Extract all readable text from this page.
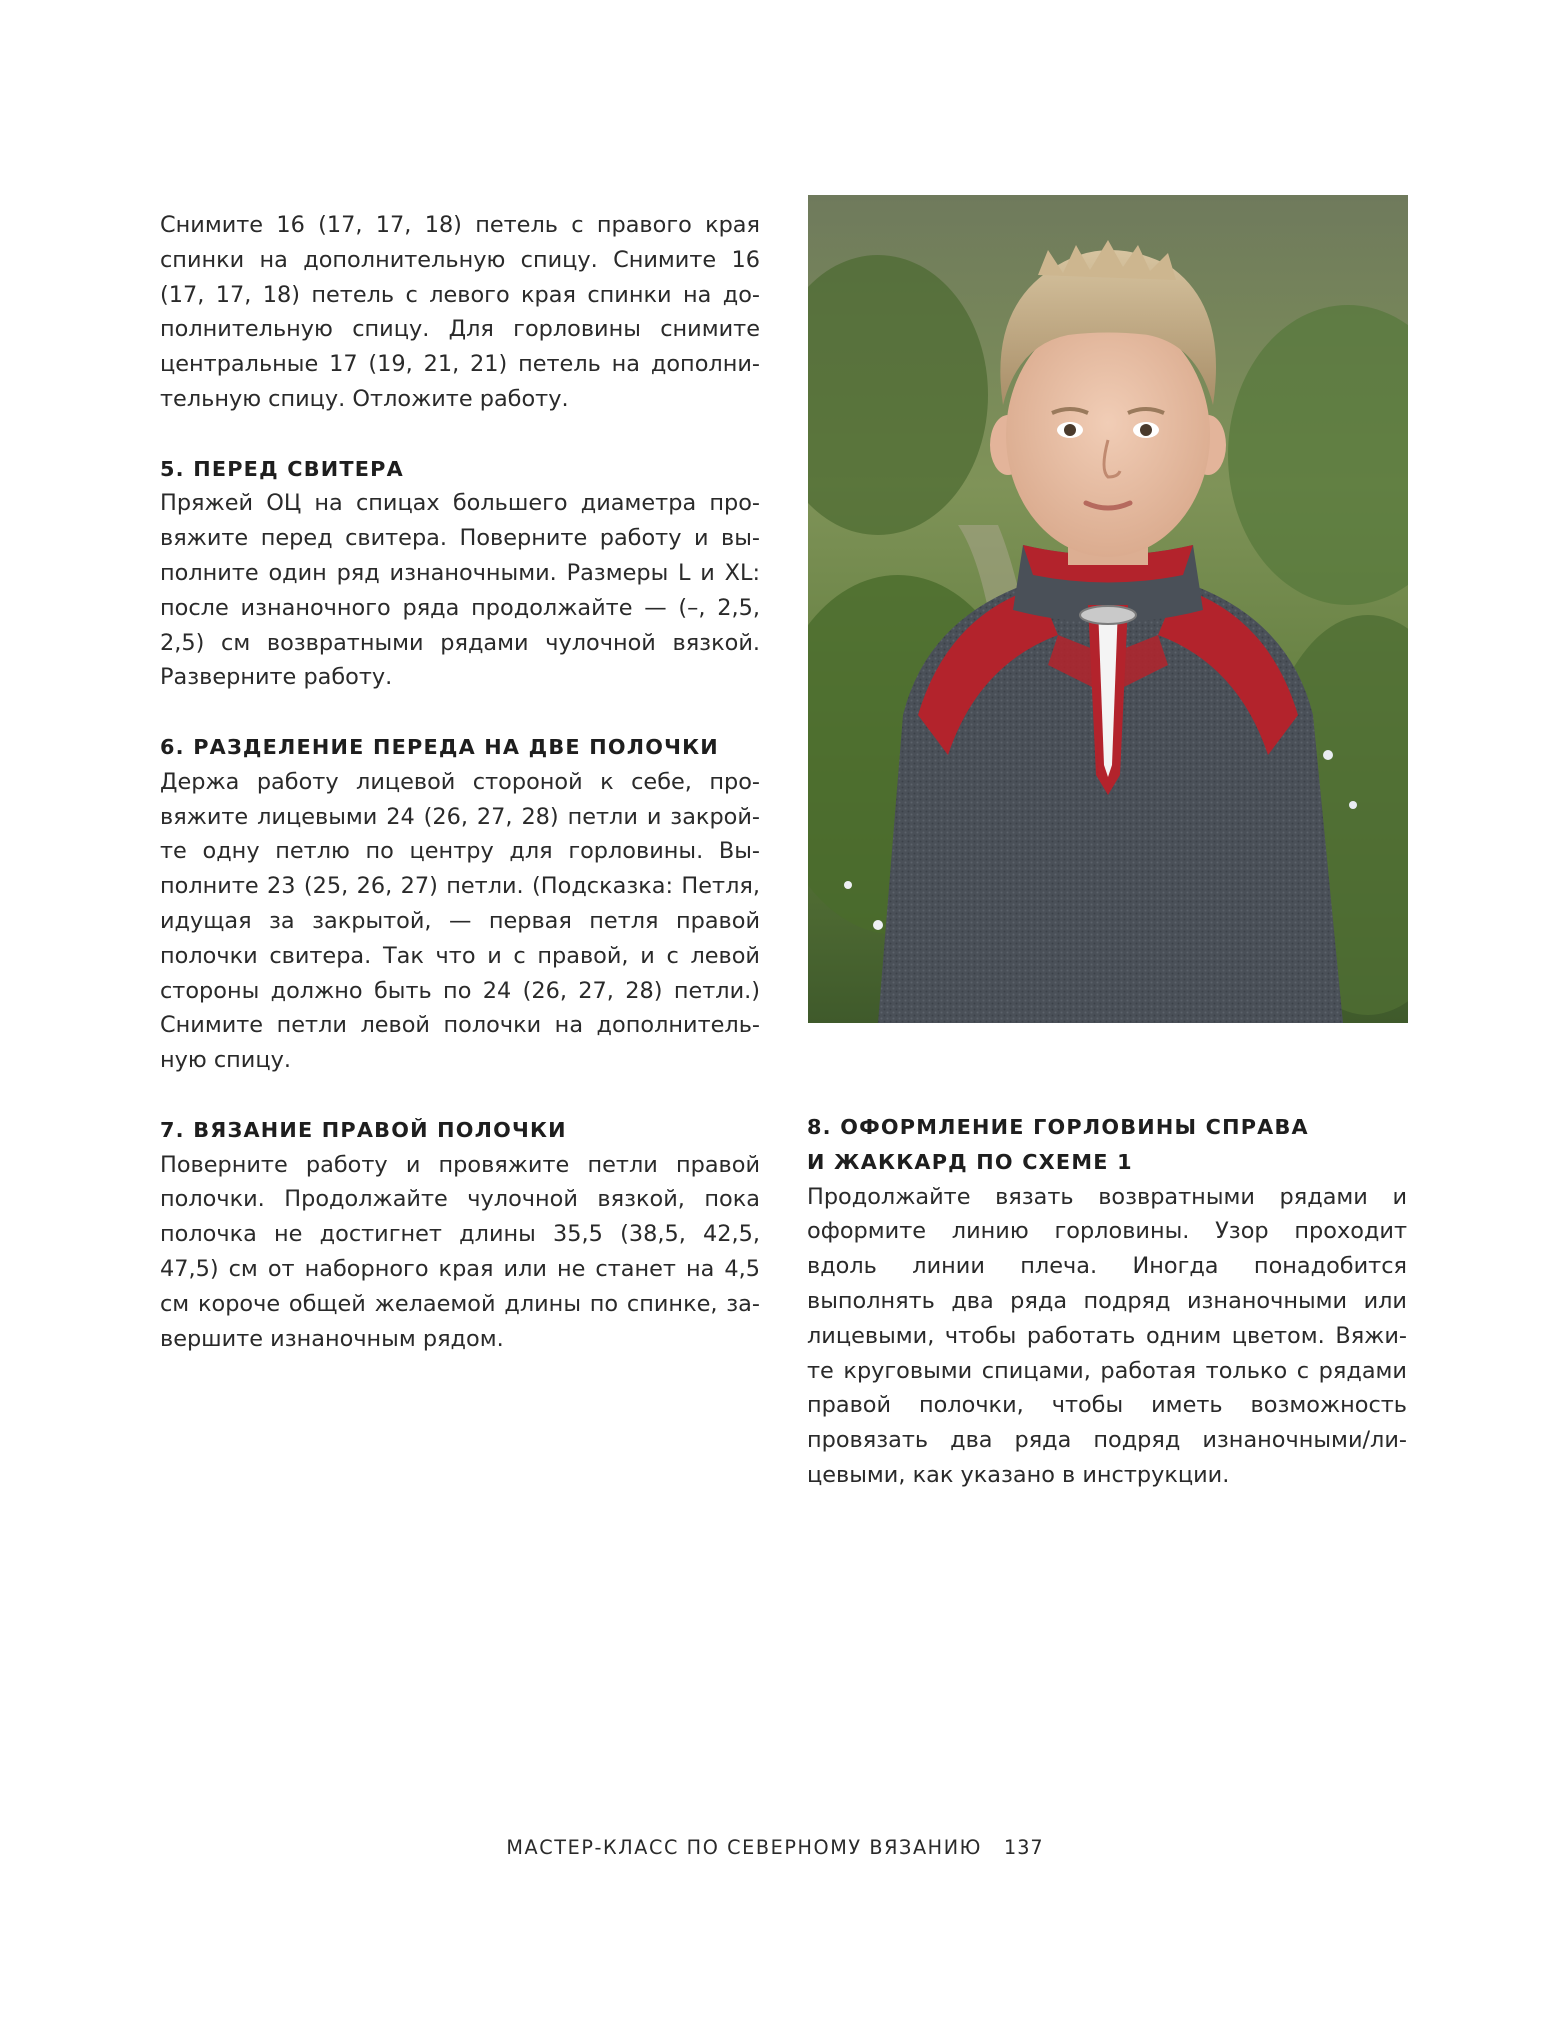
Снимите 16 (17, 17, 18) петель с правого края спинки на дополнительную спицу. Снимите 16 (17, 17, 18) петель с левого края спинки на дополнительную спицу. Для горловины снимите центральные 17 (19, 21, 21) петель на дополнительную спицу. Отложите работу.

5. ПЕРЕД СВИТЕРА

Пряжей ОЦ на спицах большего диаметра провяжите перед свитера. Поверните работу и выполните один ряд изнаночными. Размеры L и XL: после изнаночного ряда продолжайте — (–, 2,5, 2,5) см возвратными рядами чулочной вязкой. Разверните работу.

6. РАЗДЕЛЕНИЕ ПЕРЕДА НА ДВЕ ПОЛОЧКИ

Держа работу лицевой стороной к себе, провяжите лицевыми 24 (26, 27, 28) петли и закройте одну петлю по центру для горловины. Выполните 23 (25, 26, 27) петли. (Подсказка: Петля, идущая за закрытой, — первая петля правой полочки свитера. Так что и с правой, и с левой стороны должно быть по 24 (26, 27, 28) петли.) Снимите петли левой полочки на дополнительную спицу.

7. ВЯЗАНИЕ ПРАВОЙ ПОЛОЧКИ

Поверните работу и провяжите петли правой полочки. Продолжайте чулочной вязкой, пока полочка не достигнет длины 35,5 (38,5, 42,5, 47,5) см от наборного края или не станет на 4,5 см короче общей желаемой длины по спинке, завершите изнаночным рядом.

8. ОФОРМЛЕНИЕ ГОРЛОВИНЫ СПРАВА
И ЖАККАРД ПО СХЕМЕ 1

Продолжайте вязать возвратными рядами и оформите линию горловины. Узор проходит вдоль линии плеча. Иногда понадобится выполнять два ряда подряд изнаночными или лицевыми, чтобы работать одним цветом. Вяжите круговыми спицами, работая только с рядами правой полочки, чтобы иметь возможность провязать два ряда подряд изнаночными/лицевыми, как указано в инструкции.

МАСТЕР-КЛАСС ПО СЕВЕРНОМУ ВЯЗАНИЮ 137
